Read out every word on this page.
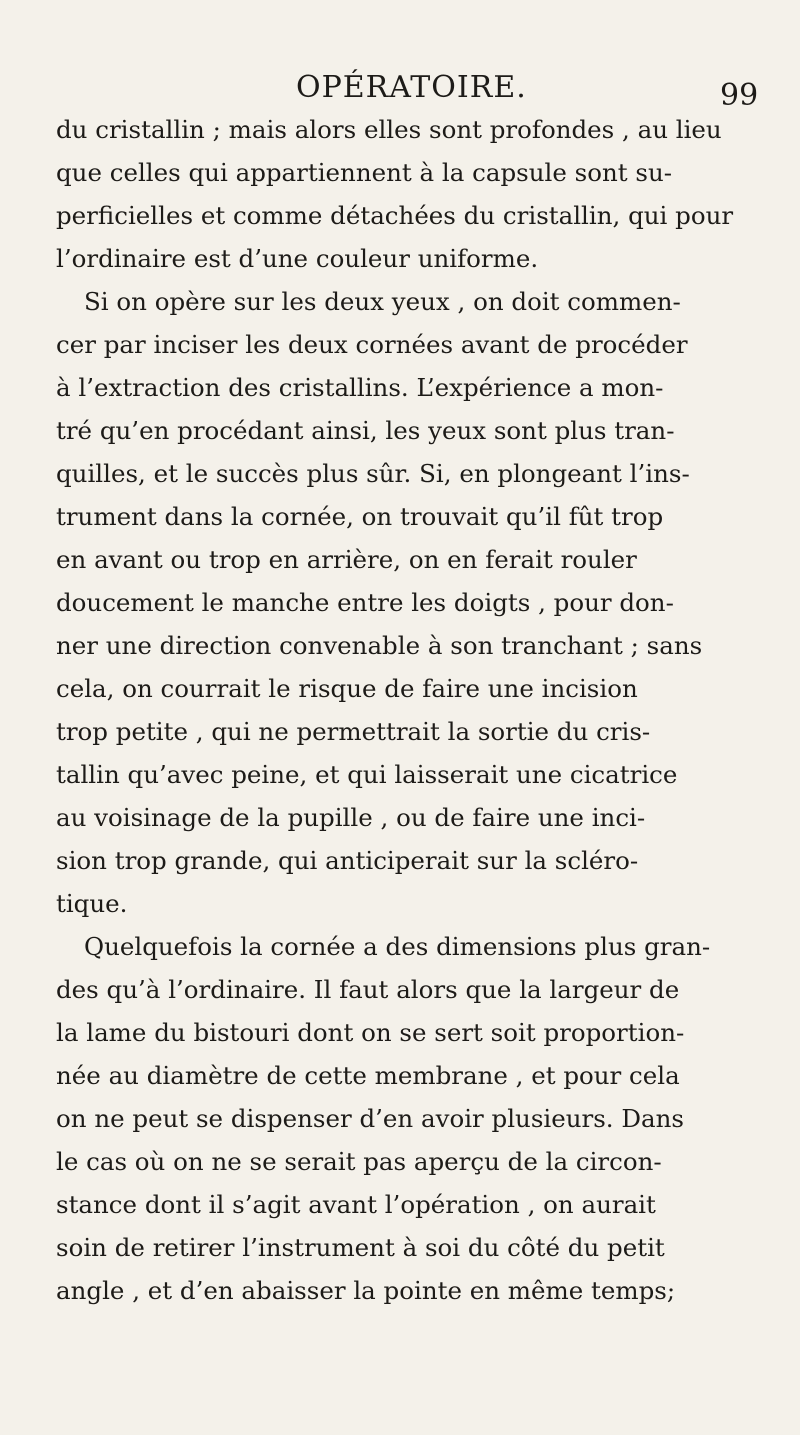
OPÉRATOIRE.	99
du cristallin ; mais alors elles sont profondes , au lieu
que celles qui appartiennent à la capsule sont su-
perficielles et comme détachées du cristallin, qui pour
l’ordinaire est d’une couleur uniforme.
Si on opère sur les deux yeux , on doit commen-
cer par inciser les deux cornées avant de procéder
à l’extraction des cristallins. L’expérience a mon-
tré qu’en procédant ainsi, les yeux sont plus tran-
quilles, et le succès plus sûr. Si, en plongeant l’ins-
trument dans la cornée, on trouvait qu’il fût trop
en avant ou trop en arrière, on en ferait rouler
doucement le manche entre les doigts , pour don-
ner une direction convenable à son tranchant ; sans
cela, on courrait le risque de faire une incision
trop petite , qui ne permettrait la sortie du cris-
tallin qu’avec peine, et qui laisserait une cicatrice
au voisinage de la pupille , ou de faire une inci-
sion trop grande, qui anticiperait sur la scléro-
tique.
Quelquefois la cornée a des dimensions plus gran-
des qu’à l’ordinaire. Il faut alors que la largeur de
la lame du bistouri dont on se sert soit proportion-
née au diamètre de cette membrane , et pour cela
on ne peut se dispenser d’en avoir plusieurs. Dans
le cas où on ne se serait pas aperçu de la circon-
stance dont il s’agit avant l’opération , on aurait
soin de retirer l’instrument à soi du côté du petit
angle , et d’en abaisser la pointe en même temps;
